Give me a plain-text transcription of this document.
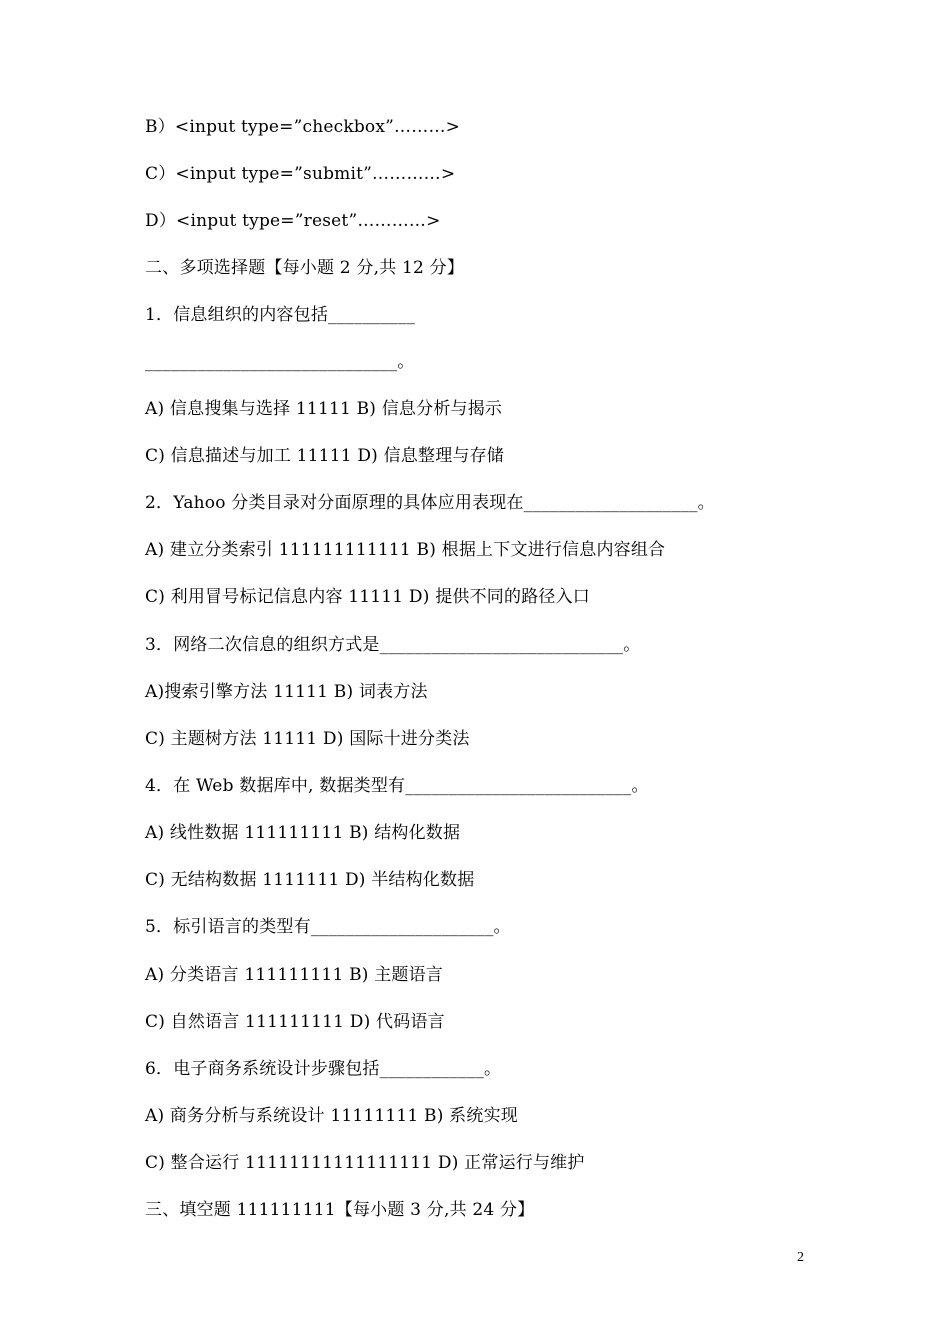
B）<input type=”checkbox”………>
C）<input type=”submit”…………>
D）<input type=”reset”…………>
二、多项选择题【每小题 2 分,共 12 分】
1．信息组织的内容包括__________
_____________________________。
A) 信息搜集与选择 11111 B) 信息分析与揭示
C) 信息描述与加工 11111 D) 信息整理与存储
2．Yahoo 分类目录对分面原理的具体应用表现在____________________。
A) 建立分类索引 111111111111 B) 根据上下文进行信息内容组合
C) 利用冒号标记信息内容 11111 D) 提供不同的路径入口
3．网络二次信息的组织方式是____________________________。
A)搜索引擎方法 11111 B) 词表方法
C) 主题树方法 11111 D) 国际十进分类法
4．在 Web 数据库中, 数据类型有__________________________。
A) 线性数据 111111111 B) 结构化数据
C) 无结构数据 1111111 D) 半结构化数据
5．标引语言的类型有_____________________。
A) 分类语言 111111111 B) 主题语言
C) 自然语言 111111111 D) 代码语言
6．电子商务系统设计步骤包括____________。
A) 商务分析与系统设计 11111111 B) 系统实现
C) 整合运行 11111111111111111 D) 正常运行与维护
三、填空题 111111111【每小题 3 分,共 24 分】
2
